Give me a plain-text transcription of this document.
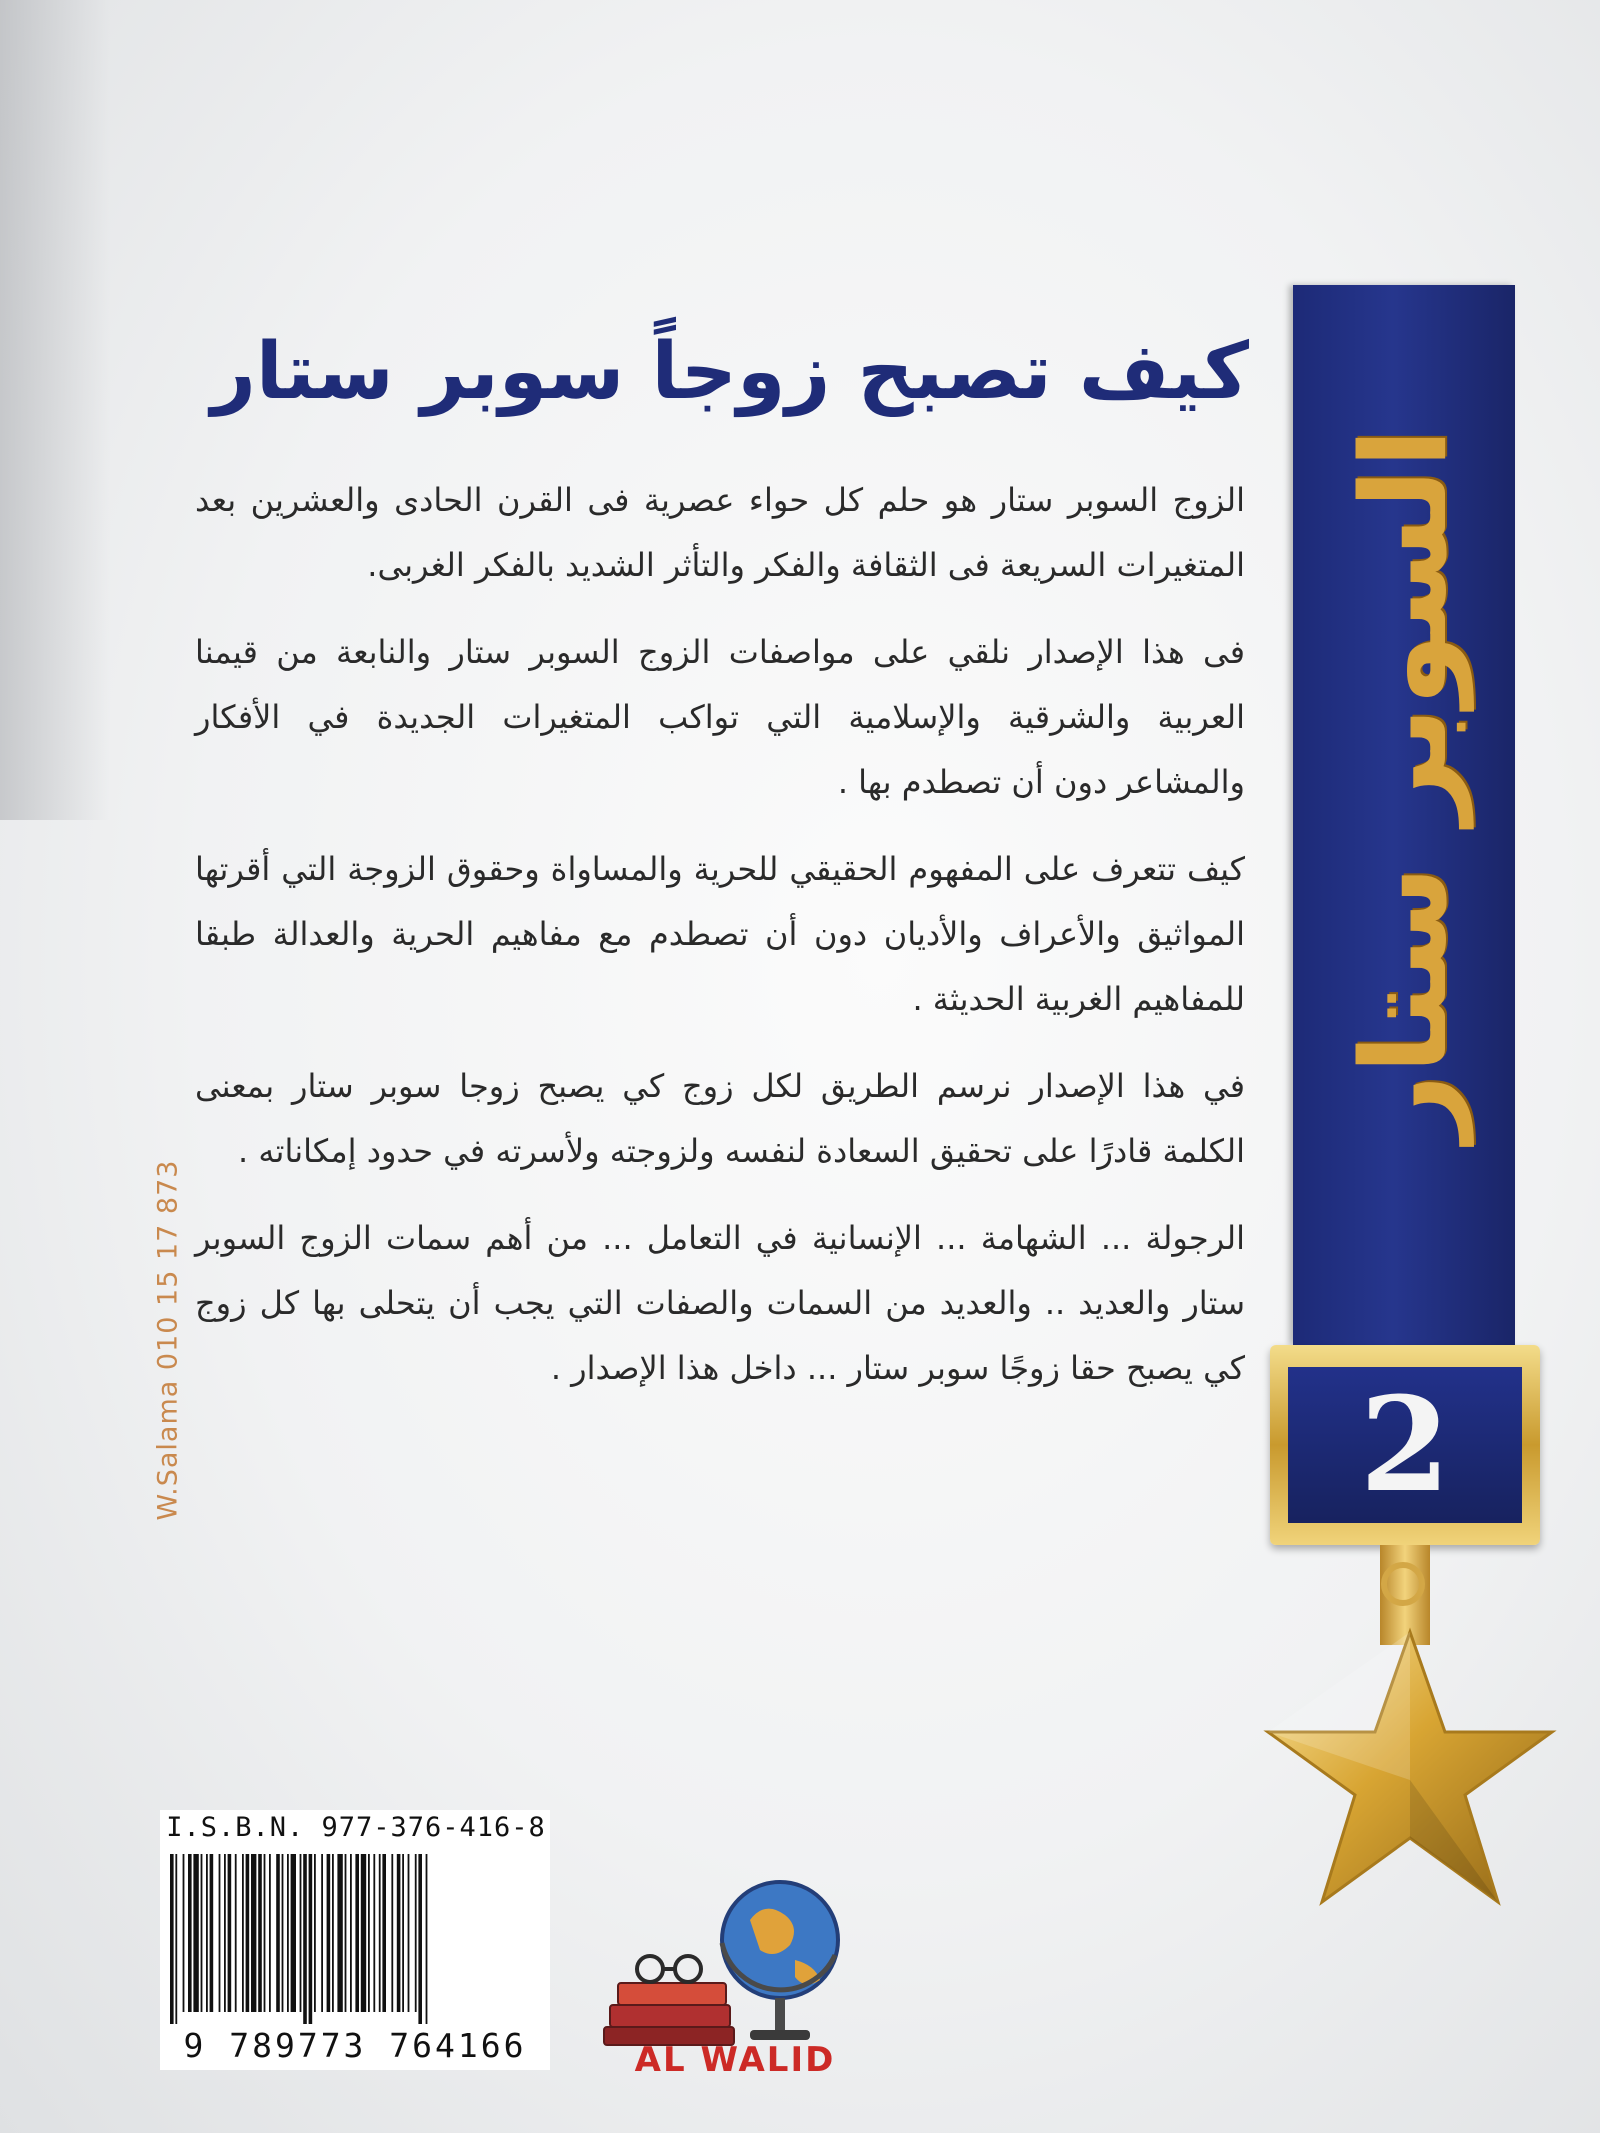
كيف تصبح زوجاً سوبر ستار

الزوج السوبر ستار هو حلم كل حواء عصرية فى القرن الحادى والعشرين بعد المتغيرات السريعة فى الثقافة والفكر والتأثر الشديد بالفكر الغربى.

فى هذا الإصدار نلقي على مواصفات الزوج السوبر ستار والنابعة من قيمنا العربية والشرقية والإسلامية التي تواكب المتغيرات الجديدة في الأفكار والمشاعر دون أن تصطدم بها .

كيف تتعرف على المفهوم الحقيقي للحرية والمساواة وحقوق الزوجة التي أقرتها المواثيق والأعراف والأديان دون أن تصطدم مع مفاهيم الحرية والعدالة طبقا للمفاهيم الغربية الحديثة .

في هذا الإصدار نرسم الطريق لكل زوج كي يصبح زوجا سوبر ستار بمعنى الكلمة قادرًا على تحقيق السعادة لنفسه ولزوجته ولأسرته في حدود إمكاناته .

الرجولة ... الشهامة ... الإنسانية في التعامل ... من أهم سمات الزوج السوبر ستار والعديد .. والعديد من السمات والصفات التي يجب أن يتحلى بها كل زوج كي يصبح حقا زوجًا سوبر ستار ... داخل هذا الإصدار .

السوبر ستار
2
W.Salama 010 15 17 873
I.S.B.N. 977-376-416-8
9 789773 764166	AL WALID
